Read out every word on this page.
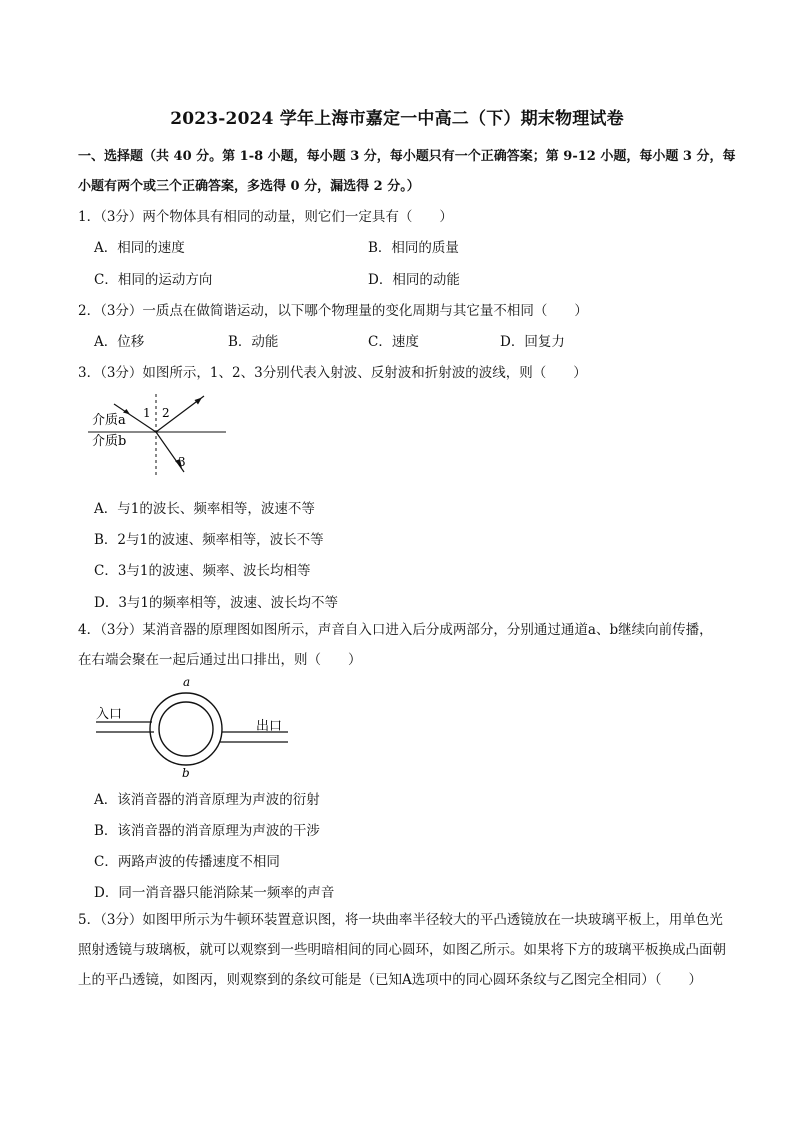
2023-2024 学年上海市嘉定一中高二（下）期末物理试卷
一、选择题（共 40 分。第 1-8 小题，每小题 3 分，每小题只有一个正确答案；第 9-12 小题，每小题 3 分，每小题有两个或三个正确答案，多选得 0 分，漏选得 2 分。）
1．（3分）两个物体具有相同的动量，则它们一定具有（　　）
A．相同的速度	B．相同的质量
C．相同的运动方向	D．相同的动能
2．（3分）一质点在做简谐运动，以下哪个物理量的变化周期与其它量不相同（　　）
A．位移	B．动能	C．速度	D．回复力
3．（3分）如图所示，1、2、3分别代表入射波、反射波和折射波的波线，则（　　）
介质a
介质b
1 2
3
A．与1的波长、频率相等，波速不等
B．2与1的波速、频率相等，波长不等
C．3与1的波速、频率、波长均相等
D．3与1的频率相等，波速、波长均不等
4．（3分）某消音器的原理图如图所示，声音自入口进入后分成两部分，分别通过通道a、b继续向前传播，在右端会聚在一起后通过出口排出，则（　　）
入口
出口
a
b
A．该消音器的消音原理为声波的衍射
B．该消音器的消音原理为声波的干涉
C．两路声波的传播速度不相同
D．同一消音器只能消除某一频率的声音
5．（3分）如图甲所示为牛顿环装置意识图，将一块曲率半径较大的平凸透镜放在一块玻璃平板上，用单色光照射透镜与玻璃板，就可以观察到一些明暗相间的同心圆环，如图乙所示。如果将下方的玻璃平板换成凸面朝上的平凸透镜，如图丙，则观察到的条纹可能是（已知A选项中的同心圆环条纹与乙图完全相同）（　　）
